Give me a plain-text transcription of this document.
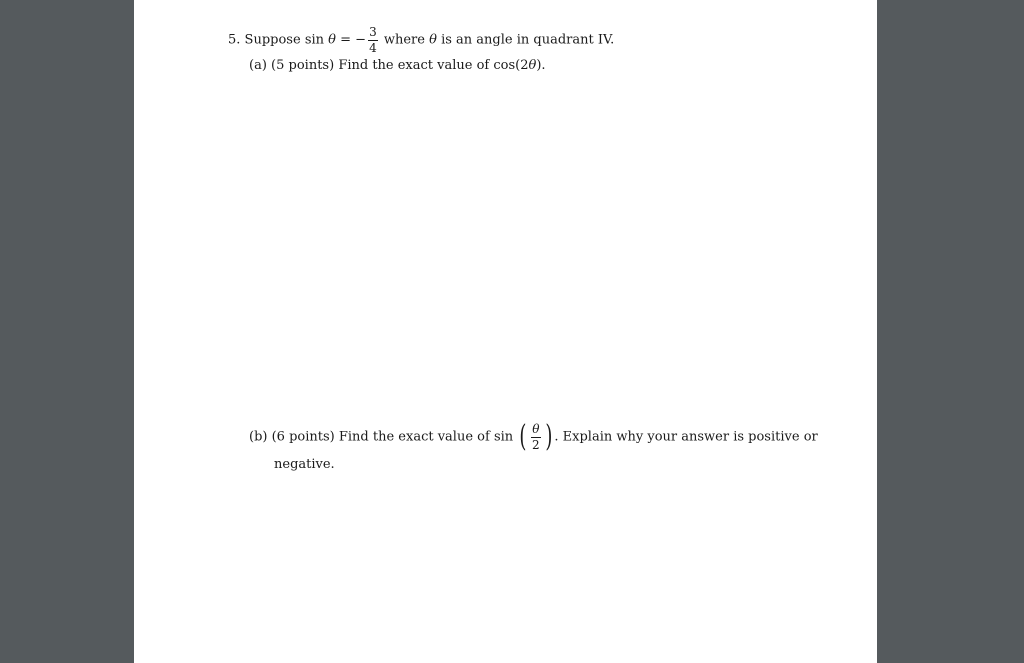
5. Suppose sin θ = − $\frac{3}{4}$ where θ is an angle in quadrant IV.
(a) (5 points) Find the exact value of cos(2θ).
(b) (6 points) Find the exact value of sin ( $\frac{\theta}{2}$ ) . Explain why your answer is positive or
negative.
